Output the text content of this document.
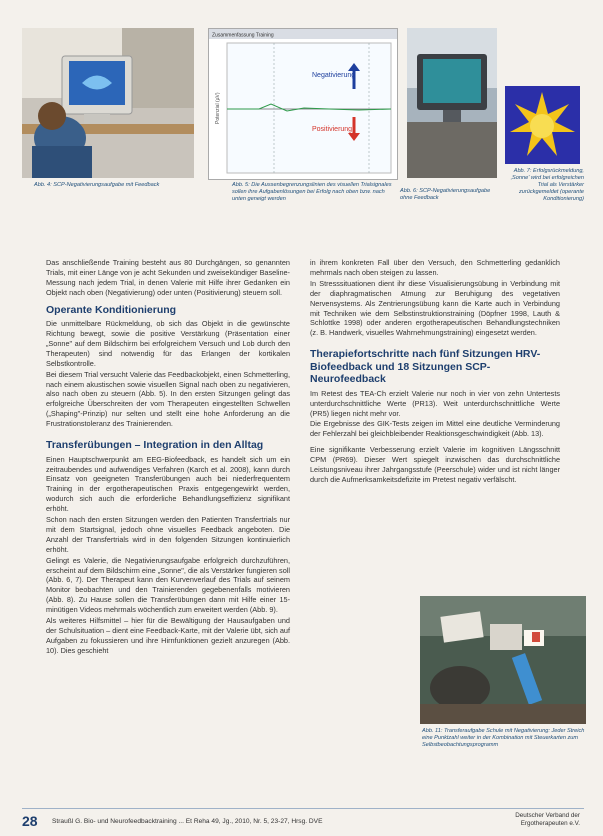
Abb. 4: SCP-Negativierungsaufgabe mit Feedback
Zusammenfassung Training
Potenzial (µV)
Negativierung
Positivierung
Abb. 5: Die Aussenbegrenzungslinien des visuellen Trialsignales sollen ihre Aufgabenlösungen bei Erfolg nach oben bzw. nach unten geneigt werden
Abb. 6: SCP-Negativierungsaufgabe ohne Feedback
Abb. 7: Erfolgsrückmeldung, ‚Sonne' wird bei erfolgreichen Trial als Verstärker zurückgemeldet (operante Konditionierung)

Das anschließende Training besteht aus 80 Durchgängen, so genannten Trials, mit einer Länge von je acht Sekunden und zweisekündiger Baseline-Messung nach jedem Trial, in denen Valerie mit Hilfe ihrer Gedanken ein Objekt nach oben (Negativierung) oder unten (Positivierung) steuern soll.

Operante Konditionierung

Die unmittelbare Rückmeldung, ob sich das Objekt in die gewünschte Richtung bewegt, sowie die positive Verstärkung (Präsentation einer „Sonne" auf dem Bildschirm bei erfolgreichem Versuch und Lob durch den Therapeuten) sind notwendig für das Erlangen der kortikalen Selbstkontrolle.

Bei diesem Trial versucht Valerie das Feedbackobjekt, einen Schmetterling, nach einem akustischen sowie visuellen Signal nach oben zu negativieren, also nach oben zu steuern (Abb. 5). In den ersten Sitzungen gelingt das erfolgreiche Überschreiten der vom Therapeuten eingestellten Schwellen („Shaping"-Prinzip) nur selten und stellt eine hohe Anforderung an die Frustrationstoleranz des Trainierenden.

Transferübungen – Integration in den Alltag

Einen Hauptschwerpunkt am EEG-Biofeedback, es handelt sich um ein zeitraubendes und aufwendiges Verfahren (Karch et al. 2008), kann durch Einsatz von geeigneten Transferübungen auch bei niederfrequentem Training in der ergotherapeutischen Praxis entgegengewirkt werden, wodurch sich auch die erforderliche Behandlungseffizienz signifikant erhöht.

Schon nach den ersten Sitzungen werden den Patienten Transfertrials nur mit dem Startsignal, jedoch ohne visuelles Feedback angeboten. Die Anzahl der Transfertrials wird in den folgenden Sitzungen kontinuierlich erhöht.

Gelingt es Valerie, die Negativierungsaufgabe erfolgreich durchzuführen, erscheint auf dem Bildschirm eine „Sonne", die als Verstärker fungieren soll (Abb. 6, 7). Der Therapeut kann den Kurvenverlauf des Trials auf seinem Monitor beobachten und den Trainierenden gegebenenfalls motivieren (Abb. 8). Zu Hause sollen die Transferübungen dann mit Hilfe einer 15-minütigen Videos mehrmals wöchentlich zum erweitert werden (Abb. 9).

Als weiteres Hilfsmittel – hier für die Bewältigung der Hausaufgaben und der Schulsituation – dient eine Feedback-Karte, mit der Valerie übt, sich auf Aufgaben zu fokussieren und ihre Hirnfunktionen gezielt anzuregen (Abb. 10). Dies geschieht

in ihrem konkreten Fall über den Versuch, den Schmetterling gedanklich mehrmals nach oben steigen zu lassen.

In Stresssituationen dient ihr diese Visualisierungsübung in Verbindung mit der diaphragmatischen Atmung zur Beruhigung des vegetativen Nervensystems. Als Zentrierungsübung kann die Karte auch in Verbindung mit Techniken wie dem Selbstinstruktionstraining (Döpfner 1998, Lauth & Schlottke 1998) oder anderen ergotherapeutischen Behandlungstechniken (z. B. Handwerk, visuelles Wahrnehmungstraining) eingesetzt werden.

Therapiefortschritte nach fünf Sitzungen HRV-Biofeedback und 18 Sitzungen SCP-Neurofeedback

Im Retest des TEA-Ch erzielt Valerie nur noch in vier von zehn Untertests unterdurchschnittliche Werte (PR13). Weit unterdurchschnittliche Werte (PR5) liegen nicht mehr vor.

Die Ergebnisse des GIK-Tests zeigen im Mittel eine deutliche Verminderung der Fehlerzahl bei gleichbleibender Reaktionsgeschwindigkeit (Abb. 13).

Eine signifikante Verbesserung erzielt Valerie im kognitiven Längsschnitt CPM (PR69). Dieser Wert spiegelt inzwischen das durchschnittliche Leistungsniveau ihrer Jahrgangsstufe (Peerschule) wider und ist nicht länger durch die Aufmerksamkeitsdefizite im Pretest negativ verfälscht.

Abb. 11: Transferaufgabe Schule mit Negativierung: Jeder Streich eine Punktzahl weiter in der Kombination mit Steuerkarten zum Selbstbeobachtungsprogramm
28 Straußl G. Bio- und Neurofeedbacktraining ... Et Reha 49, Jg., 2010, Nr. 5, 23-27, Hrsg. DVE
Deutscher Verband der
Ergotherapeuten e.V.
